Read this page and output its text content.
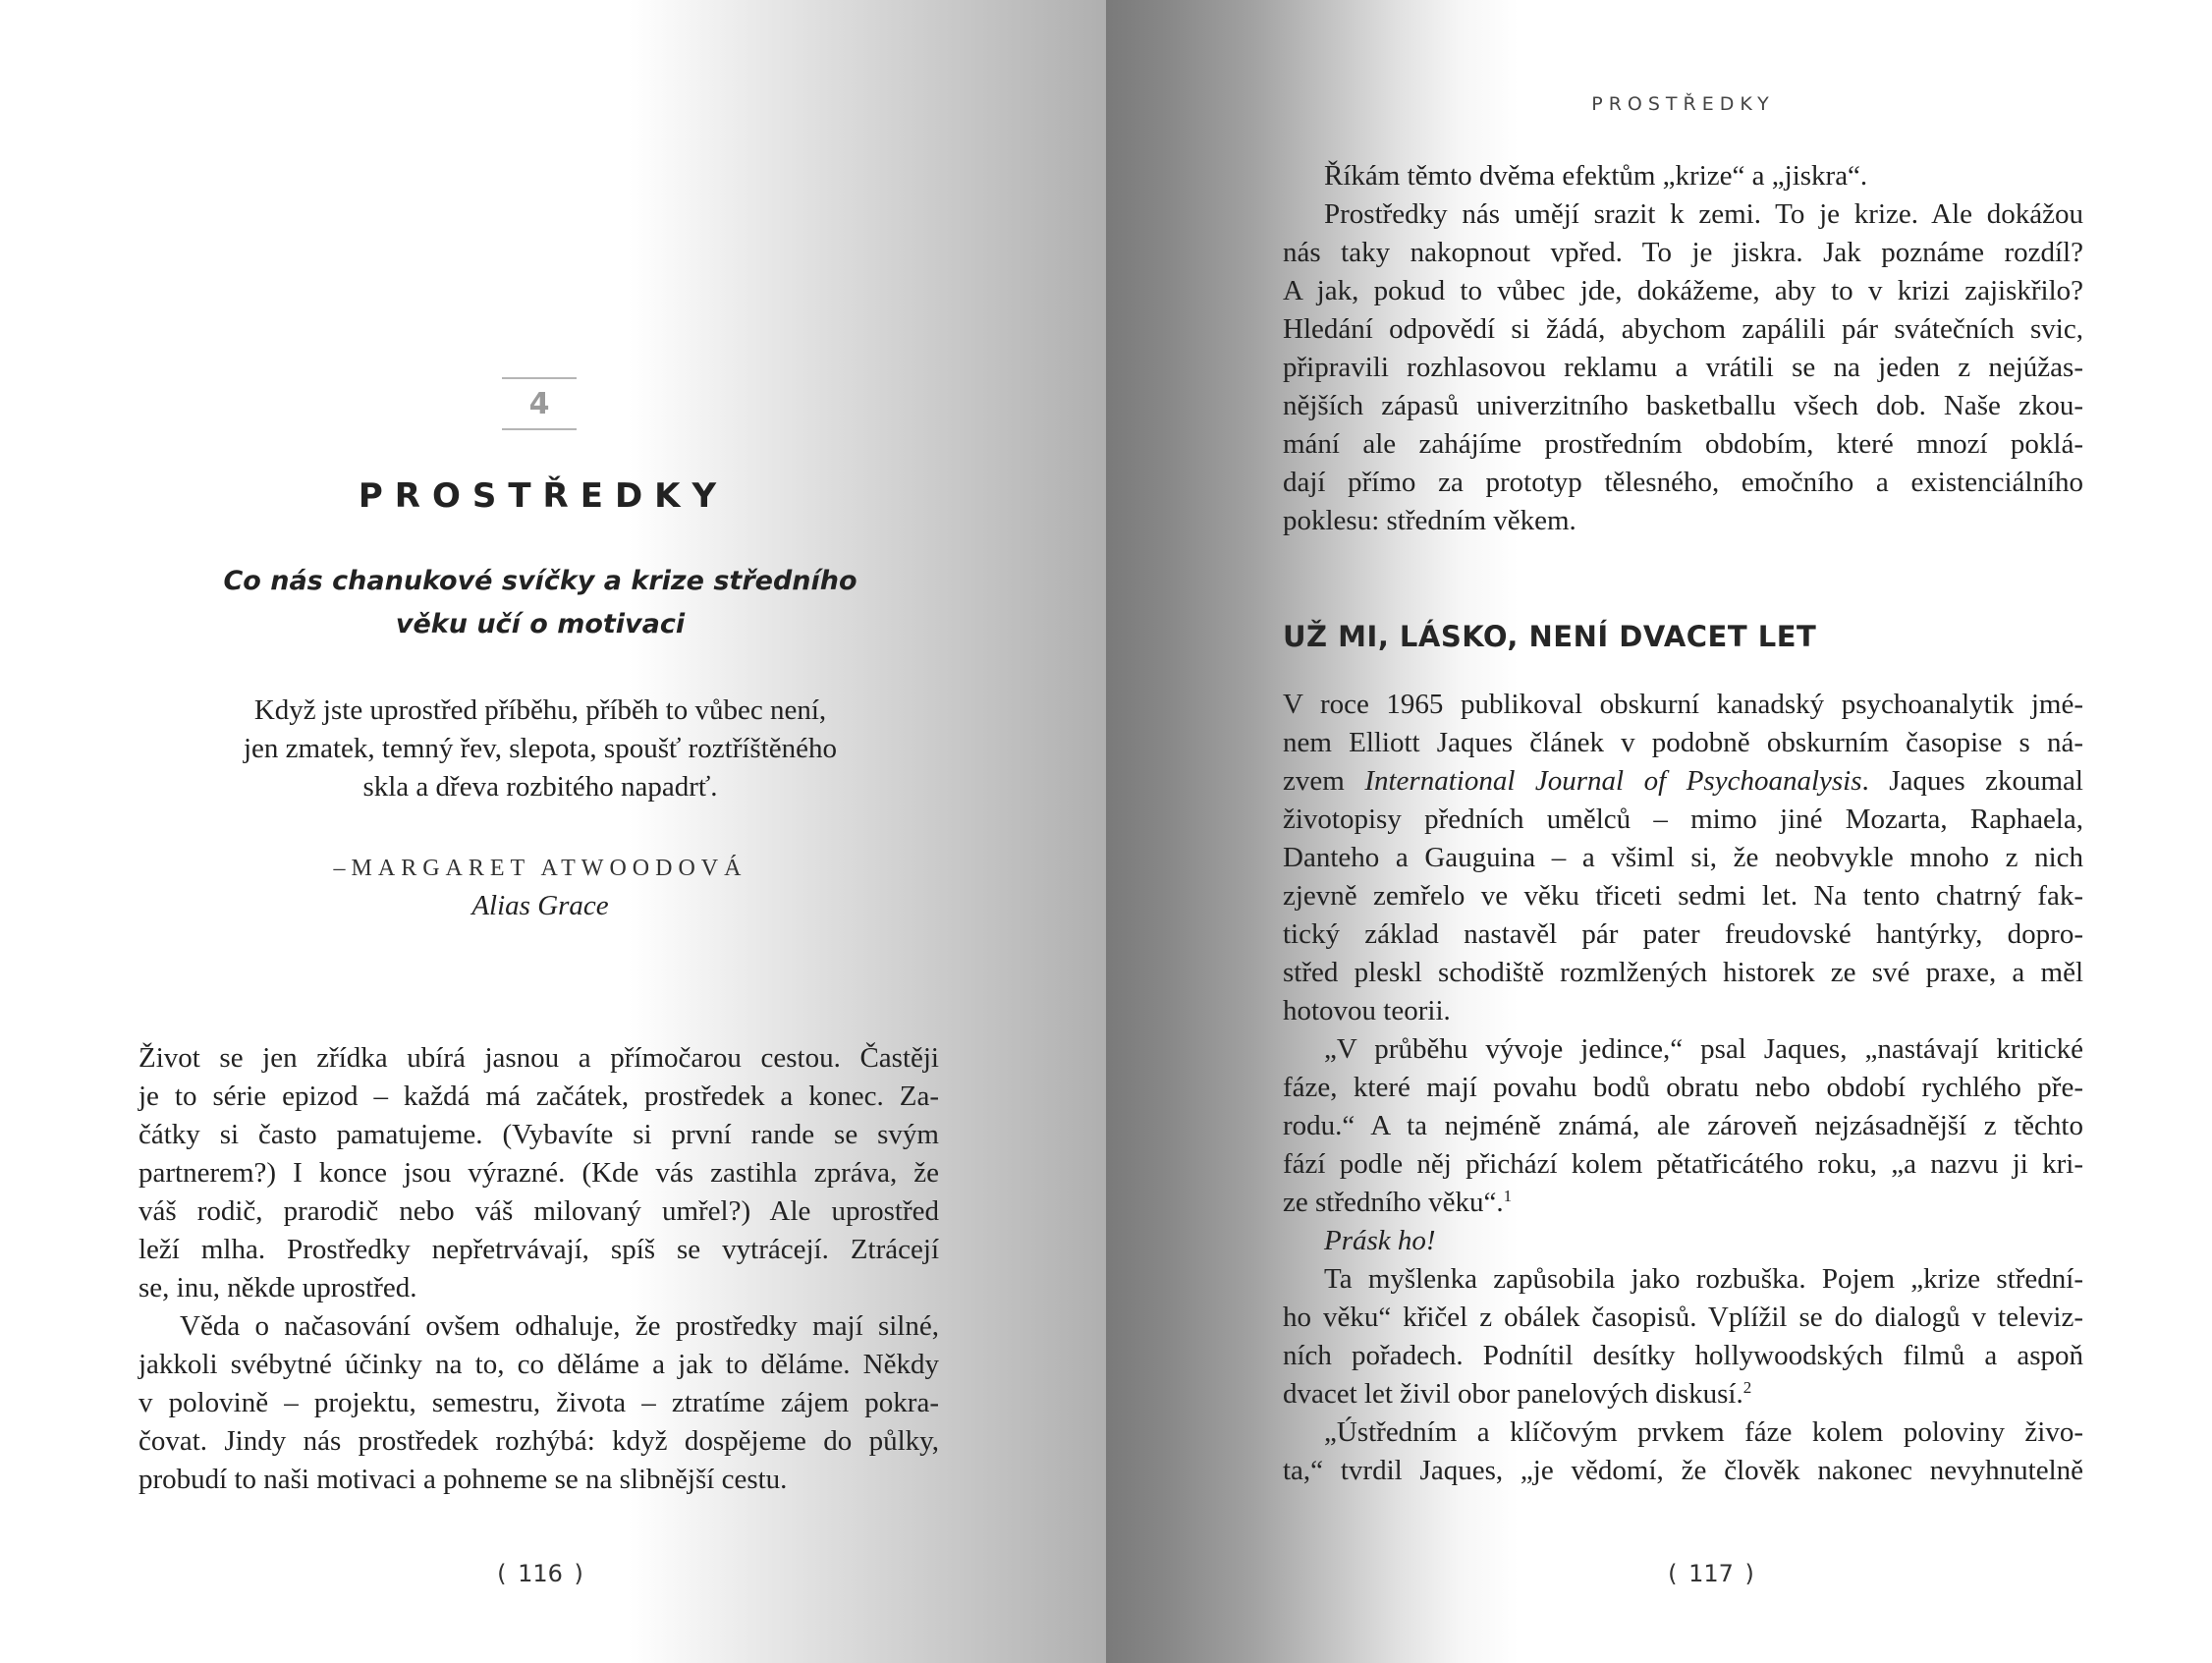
4
PROSTŘEDKY
Co nás chanukové svíčky a krize středního
věku učí o motivaci
Když jste uprostřed příběhu, příběh to vůbec není,
jen zmatek, temný řev, slepota, spoušť roztříštěného
skla a dřeva rozbitého napadrť.
–MARGARET ATWOODOVÁ
Alias Grace
Život se jen zřídka ubírá jasnou a přímočarou cestou. Častěji
je to série epizod – každá má začátek, prostředek a konec. Za-
čátky si často pamatujeme. (Vybavíte si první rande se svým
partnerem?) I konce jsou výrazné. (Kde vás zastihla zpráva, že
váš rodič, prarodič nebo váš milovaný umřel?) Ale uprostřed
leží mlha. Prostředky nepřetrvávají, spíš se vytrácejí. Ztrácejí
se, inu, někde uprostřed.
Věda o načasování ovšem odhaluje, že prostředky mají silné,
jakkoli svébytné účinky na to, co děláme a jak to děláme. Někdy
v polovině – projektu, semestru, života – ztratíme zájem pokra-
čovat. Jindy nás prostředek rozhýbá: když dospějeme do půlky,
probudí to naši motivaci a pohneme se na slibnější cestu.
( 116 )
PROSTŘEDKY
Říkám těmto dvěma efektům „krize“ a „jiskra“.
Prostředky nás umějí srazit k zemi. To je krize. Ale dokážou
nás taky nakopnout vpřed. To je jiskra. Jak poznáme rozdíl?
A jak, pokud to vůbec jde, dokážeme, aby to v krizi zajiskřilo?
Hledání odpovědí si žádá, abychom zapálili pár svátečních svic,
připravili rozhlasovou reklamu a vrátili se na jeden z nejúžas-
nějších zápasů univerzitního basketballu všech dob. Naše zkou-
mání ale zahájíme prostředním obdobím, které mnozí poklá-
dají přímo za prototyp tělesného, emočního a existenciálního
poklesu: středním věkem.
UŽ MI, LÁSKO, NENÍ DVACET LET
V roce 1965 publikoval obskurní kanadský psychoanalytik jmé-
nem Elliott Jaques článek v podobně obskurním časopise s ná-
zvem International Journal of Psychoanalysis. Jaques zkoumal
životopisy předních umělců – mimo jiné Mozarta, Raphaela,
Danteho a Gauguina – a všiml si, že neobvykle mnoho z nich
zjevně zemřelo ve věku třiceti sedmi let. Na tento chatrný fak-
tický základ nastavěl pár pater freudovské hantýrky, dopro-
střed pleskl schodiště rozmlžených historek ze své praxe, a měl
hotovou teorii.
„V průběhu vývoje jedince,“ psal Jaques, „nastávají kritické
fáze, které mají povahu bodů obratu nebo období rychlého pře-
rodu.“ A ta nejméně známá, ale zároveň nejzásadnější z těchto
fází podle něj přichází kolem pětatřicátého roku, „a nazvu ji kri-
ze středního věku“.$^1$
Prásk ho!
Ta myšlenka zapůsobila jako rozbuška. Pojem „krize střední-
ho věku“ křičel z obálek časopisů. Vplížil se do dialogů v televiz-
ních pořadech. Podnítil desítky hollywoodských filmů a aspoň
dvacet let živil obor panelových diskusí.$^2$
„Ústředním a klíčovým prvkem fáze kolem poloviny živo-
ta,“ tvrdil Jaques, „je vědomí, že člověk nakonec nevyhnutelně
( 117 )
